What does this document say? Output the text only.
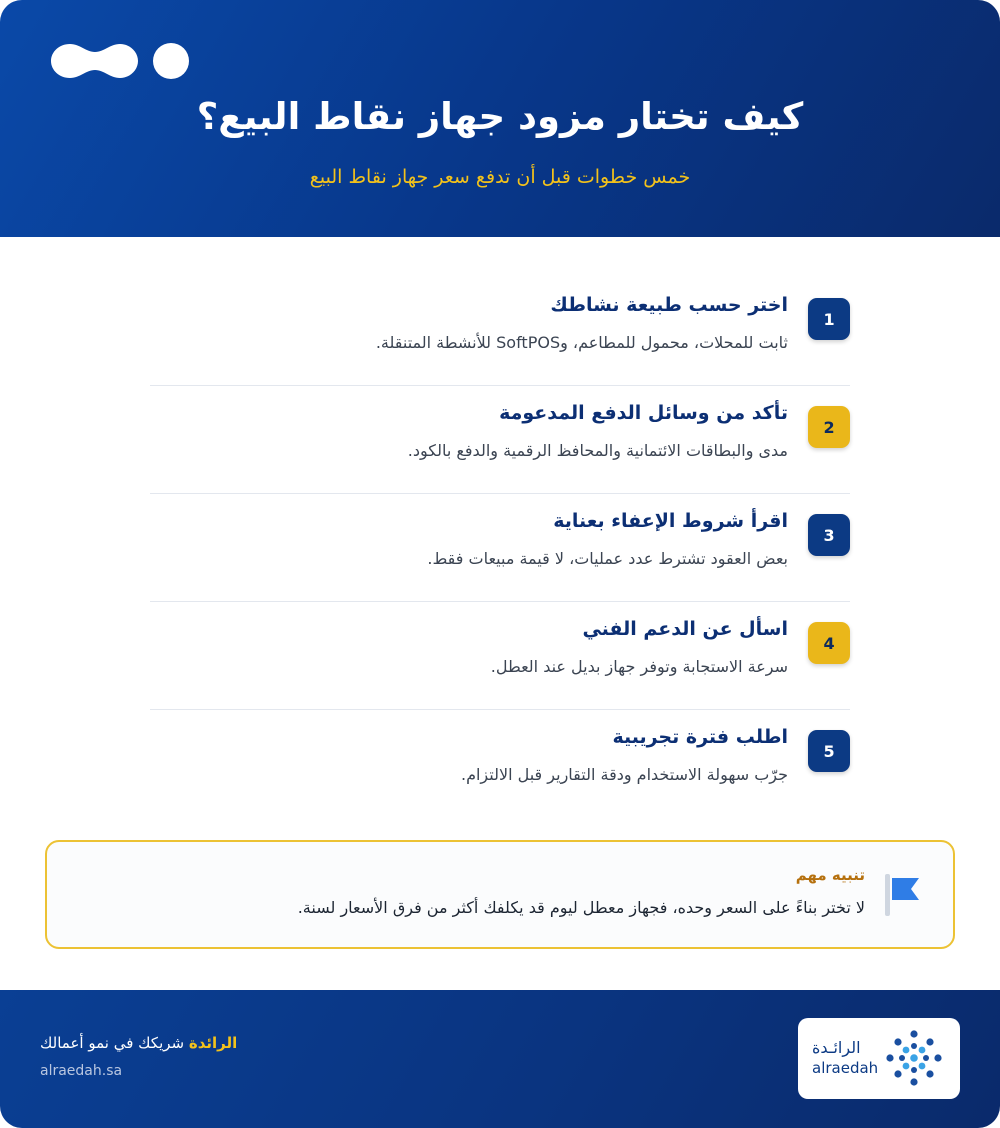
كيف تختار مزود جهاز نقاط البيع؟

خمس خطوات قبل أن تدفع سعر جهاز نقاط البيع

1
اختر حسب طبيعة نشاطك
ثابت للمحلات، محمول للمطاعم، وSoftPOS للأنشطة المتنقلة.
2
تأكد من وسائل الدفع المدعومة
مدى والبطاقات الائتمانية والمحافظ الرقمية والدفع بالكود.
3
اقرأ شروط الإعفاء بعناية
بعض العقود تشترط عدد عمليات، لا قيمة مبيعات فقط.
4
اسأل عن الدعم الفني
سرعة الاستجابة وتوفر جهاز بديل عند العطل.
5
اطلب فترة تجريبية
جرّب سهولة الاستخدام ودقة التقارير قبل الالتزام.
تنبيه مهم
لا تختر بناءً على السعر وحده، فجهاز معطل ليوم قد يكلفك أكثر من فرق الأسعار لسنة.
الرائدة شريكك في نمو أعمالك
alraedah.sa
الرائـدة
alraedah
